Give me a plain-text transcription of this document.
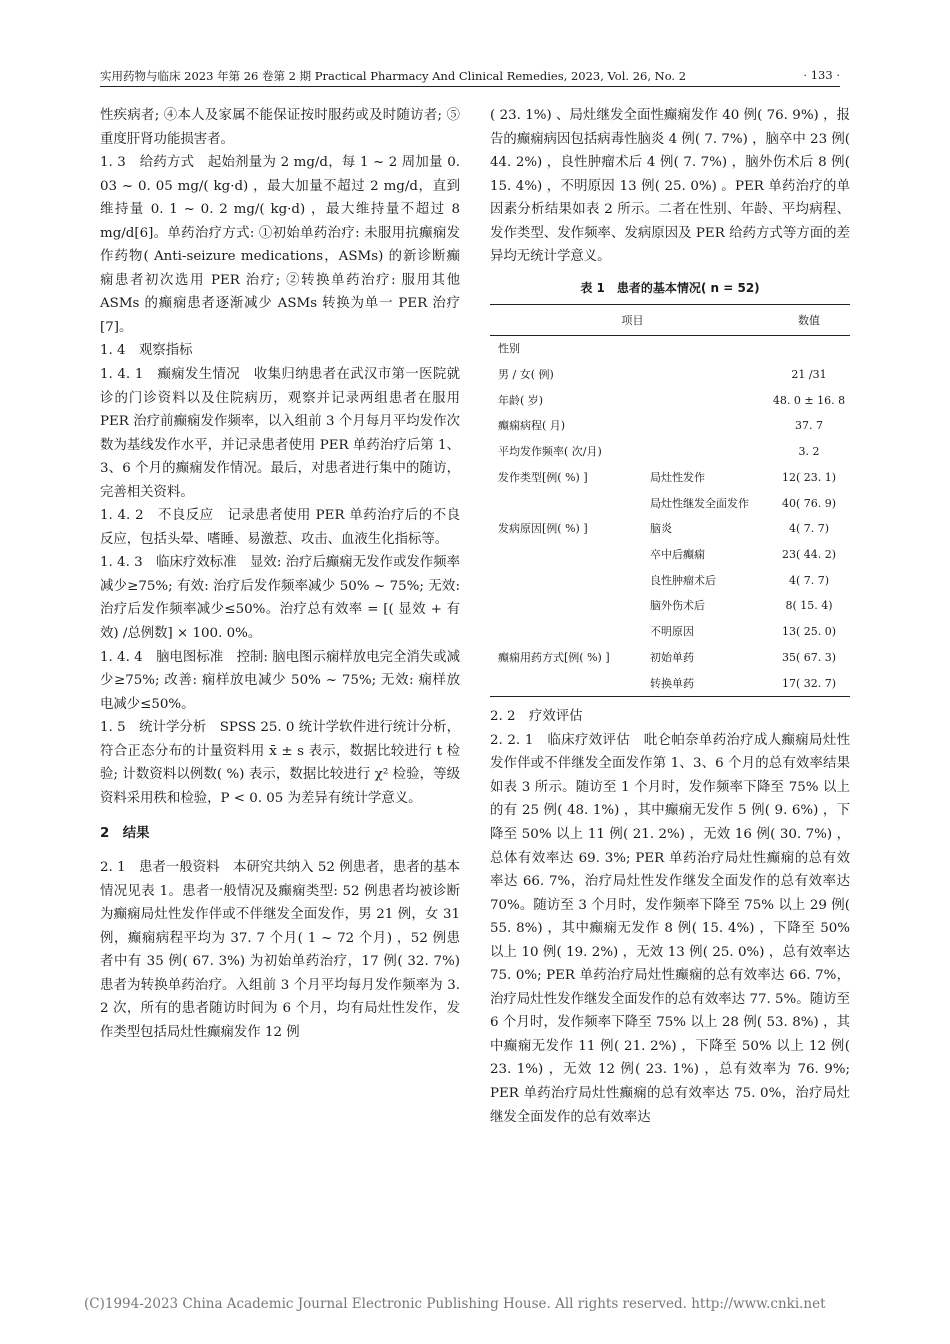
实用药物与临床 2023 年第 26 卷第 2 期 Practical Pharmacy And Clinical Remedies, 2023, Vol. 26, No. 2	· 133 ·

性疾病者; ④本人及家属不能保证按时服药或及时随访者; ⑤重度肝肾功能损害者。

1. 3　给药方式　起始剂量为 2 mg/d，每 1 ~ 2 周加量 0. 03 ~ 0. 05 mg/( kg·d) ，最大加量不超过 2 mg/d，直到维持量 0. 1 ~ 0. 2 mg/( kg·d) ，最大维持量不超过 8 mg/d[6]。单药治疗方式: ①初始单药治疗: 未服用抗癫痫发作药物( Anti-seizure medications，ASMs) 的新诊断癫痫患者初次选用 PER 治疗; ②转换单药治疗: 服用其他 ASMs 的癫痫患者逐渐减少 ASMs 转换为单一 PER 治疗[7]。

1. 4　观察指标

1. 4. 1　癫痫发生情况　收集归纳患者在武汉市第一医院就诊的门诊资料以及住院病历，观察并记录两组患者在服用 PER 治疗前癫痫发作频率，以入组前 3 个月每月平均发作次数为基线发作水平，并记录患者使用 PER 单药治疗后第 1、3、6 个月的癫痫发作情况。最后，对患者进行集中的随访，完善相关资料。

1. 4. 2　不良反应　记录患者使用 PER 单药治疗后的不良反应，包括头晕、嗜睡、易激惹、攻击、血液生化指标等。

1. 4. 3　临床疗效标准　显效: 治疗后癫痫无发作或发作频率减少≥75%; 有效: 治疗后发作频率减少 50% ~ 75%; 无效: 治疗后发作频率减少≤50%。治疗总有效率 = [( 显效 + 有效) /总例数] × 100. 0%。

1. 4. 4　脑电图标准　控制: 脑电图示痫样放电完全消失或减少≥75%; 改善: 痫样放电减少 50% ~ 75%; 无效: 痫样放电减少≤50%。

1. 5　统计学分析　SPSS 25. 0 统计学软件进行统计分析，符合正态分布的计量资料用 x̄ ± s 表示，数据比较进行 t 检验; 计数资料以例数( %) 表示，数据比较进行 χ² 检验，等级资料采用秩和检验，P < 0. 05 为差异有统计学意义。

2　结果

2. 1　患者一般资料　本研究共纳入 52 例患者，患者的基本情况见表 1。患者一般情况及癫痫类型: 52 例患者均被诊断为癫痫局灶性发作伴或不伴继发全面发作，男 21 例，女 31 例，癫痫病程平均为 37. 7 个月( 1 ~ 72 个月) ，52 例患者中有 35 例( 67. 3%) 为初始单药治疗，17 例( 32. 7%) 患者为转换单药治疗。入组前 3 个月平均每月发作频率为 3. 2 次，所有的患者随访时间为 6 个月，均有局灶性发作，发作类型包括局灶性癫痫发作 12 例

( 23. 1%) 、局灶继发全面性癫痫发作 40 例( 76. 9%) ，报告的癫痫病因包括病毒性脑炎 4 例( 7. 7%) ，脑卒中 23 例( 44. 2%) ，良性肿瘤术后 4 例( 7. 7%) ，脑外伤术后 8 例( 15. 4%) ，不明原因 13 例( 25. 0%) 。PER 单药治疗的单因素分析结果如表 2 所示。二者在性别、年龄、平均病程、发作类型、发作频率、发病原因及 PER 给药方式等方面的差异均无统计学意义。

表 1　患者的基本情况( n = 52)

项目		数值
性别		
男 / 女( 例)		21 /31
年龄( 岁)		48. 0 ± 16. 8
癫痫病程( 月)		37. 7
平均发作频率( 次/月)		3. 2
发作类型[例( %) ]	局灶性发作	12( 23. 1)
	局灶性继发全面发作	40( 76. 9)
发病原因[例( %) ]	脑炎	4( 7. 7)
	卒中后癫痫	23( 44. 2)
	良性肿瘤术后	4( 7. 7)
	脑外伤术后	8( 15. 4)
	不明原因	13( 25. 0)
癫痫用药方式[例( %) ]	初始单药	35( 67. 3)
	转换单药	17( 32. 7)

2. 2　疗效评估

2. 2. 1　临床疗效评估　吡仑帕奈单药治疗成人癫痫局灶性发作伴或不伴继发全面发作第 1、3、6 个月的总有效率结果如表 3 所示。随访至 1 个月时，发作频率下降至 75% 以上的有 25 例( 48. 1%) ，其中癫痫无发作 5 例( 9. 6%) ，下降至 50% 以上 11 例( 21. 2%) ，无效 16 例( 30. 7%) ，总体有效率达 69. 3%; PER 单药治疗局灶性癫痫的总有效率达 66. 7%，治疗局灶性发作继发全面发作的总有效率达 70%。随访至 3 个月时，发作频率下降至 75% 以上 29 例( 55. 8%) ，其中癫痫无发作 8 例( 15. 4%) ，下降至 50% 以上 10 例( 19. 2%) ，无效 13 例( 25. 0%) ，总有效率达 75. 0%; PER 单药治疗局灶性癫痫的总有效率达 66. 7%，治疗局灶性发作继发全面发作的总有效率达 77. 5%。随访至 6 个月时，发作频率下降至 75% 以上 28 例( 53. 8%) ，其中癫痫无发作 11 例( 21. 2%) ，下降至 50% 以上 12 例( 23. 1%) ，无效 12 例( 23. 1%) ，总有效率为 76. 9%; PER 单药治疗局灶性癫痫的总有效率达 75. 0%，治疗局灶继发全面发作的总有效率达

(C)1994-2023 China Academic Journal Electronic Publishing House. All rights reserved. http://www.cnki.net
